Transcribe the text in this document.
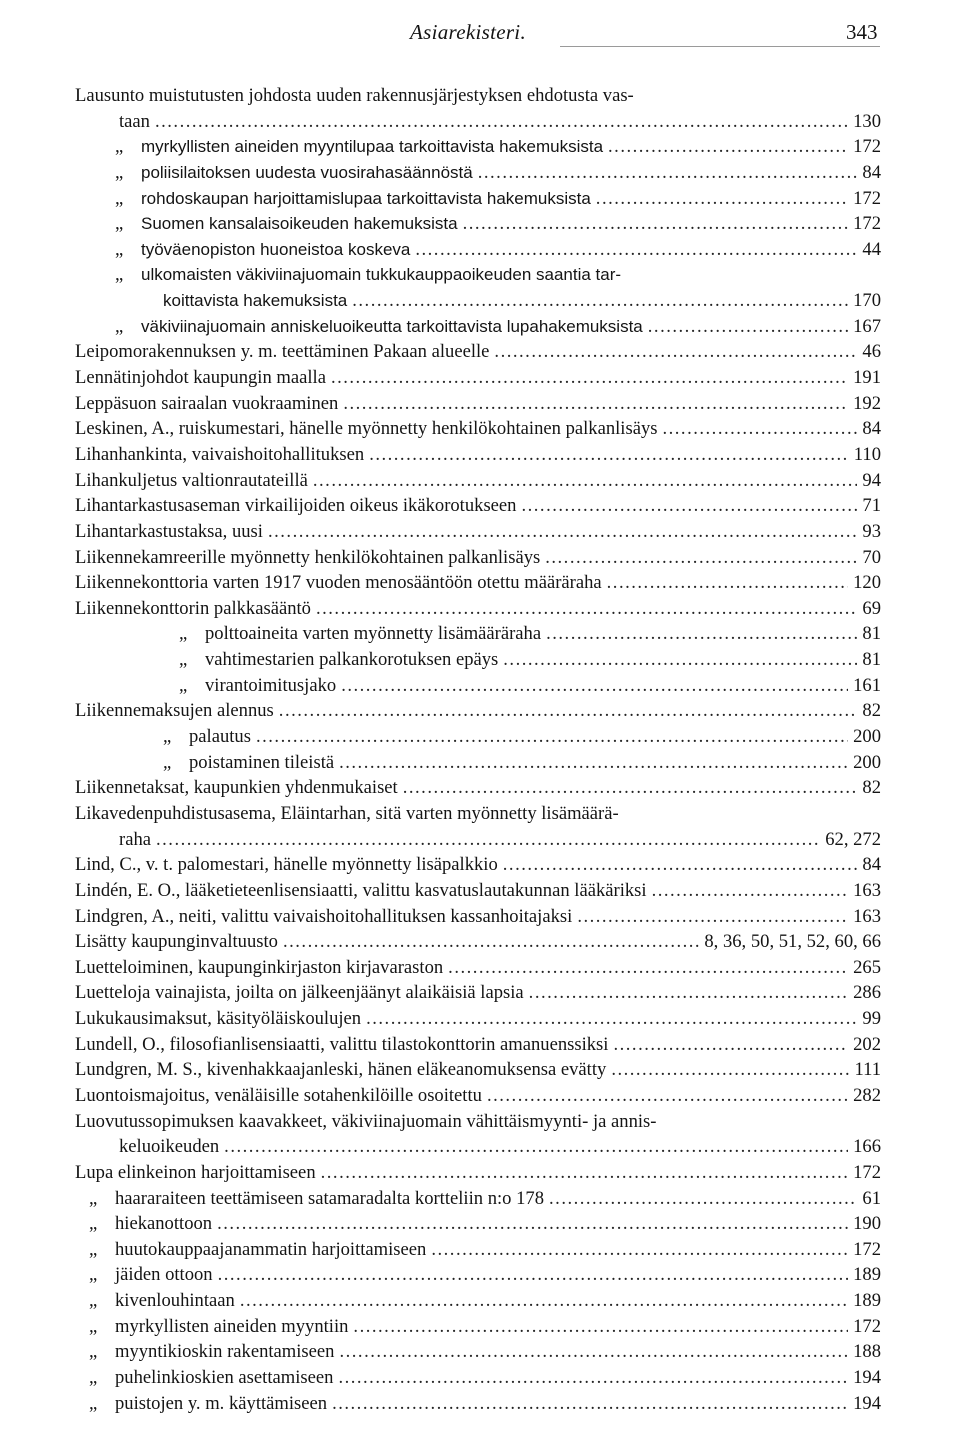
Asiarekisteri.	343
Lausunto muistutusten johdosta uuden rakennusjärjestyksen ehdotusta vas-
taan .....	130
„	myrkyllisten aineiden myyntilupaa tarkoittavista hakemuksista .....	172
„	poliisilaitoksen uudesta vuosirahasäännöstä .....	84
„	rohdoskaupan harjoittamislupaa tarkoittavista hakemuksista .....	172
„	Suomen kansalaisoikeuden hakemuksista .....	172
„	työväenopiston huoneistoa koskeva .....	44
„	ulkomaisten väkiviinajuomain tukkukauppaoikeuden saantia tar-
koittavista hakemuksista .....	170
„	väkiviinajuomain anniskeluoikeutta tarkoittavista lupahakemuksista .....	167
Leipomorakennuksen y. m. teettäminen Pakaan alueelle .....	46
Lennätinjohdot kaupungin maalla .....	191
Leppäsuon sairaalan vuokraaminen .....	192
Leskinen, A., ruiskumestari, hänelle myönnetty henkilökohtainen palkanlisäys .....	84
Lihanhankinta, vaivaishoitohallituksen .....	110
Lihankuljetus valtionrautateillä .....	94
Lihantarkastusaseman virkailijoiden oikeus ikäkorotukseen .....	71
Lihantarkastustaksa, uusi .....	93
Liikennekamreerille myönnetty henkilökohtainen palkanlisäys .....	70
Liikennekonttoria varten 1917 vuoden menosääntöön otettu määräraha .....	120
Liikennekonttorin palkkasääntö .....	69
„ polttoaineita varten myönnetty lisämääräraha .....	81
„ vahtimestarien palkankorotuksen epäys .....	81
„ virantoimitusjako .....	161
Liikennemaksujen alennus .....	82
„ palautus .....	200
„ poistaminen tileistä .....	200
Liikennetaksat, kaupunkien yhdenmukaiset .....	82
Likavedenpuhdistusasema, Eläintarhan, sitä varten myönnetty lisämäärä-
raha .....	62, 272
Lind, C., v. t. palomestari, hänelle myönnetty lisäpalkkio .....	84
Lindén, E. O., lääketieteenlisensiaatti, valittu kasvatuslautakunnan lääkäriksi .....	163
Lindgren, A., neiti, valittu vaivaishoitohallituksen kassanhoitajaksi .....	163
Lisätty kaupunginvaltuusto .....	8, 36, 50, 51, 52, 60, 66
Luetteloiminen, kaupunginkirjaston kirjavaraston .....	265
Luetteloja vainajista, joilta on jälkeenjäänyt alaikäisiä lapsia .....	286
Lukukausimaksut, käsityöläiskoulujen .....	99
Lundell, O., filosofianlisensiaatti, valittu tilastokonttorin amanuenssiksi .....	202
Lundgren, M. S., kivenhakkaajanleski, hänen eläkeanomuksensa evätty .....	111
Luontoismajoitus, venäläisille sotahenkilöille osoitettu .....	282
Luovutussopimuksen kaavakkeet, väkiviinajuomain vähittäismyynti- ja annis-
keluoikeuden .....	166
Lupa elinkeinon harjoittamiseen .....	172
„ haararaiteen teettämiseen satamaradalta kortteliin n:o 178 .....	61
„ hiekanottoon .....	190
„ huutokauppaajanammatin harjoittamiseen .....	172
„ jäiden ottoon .....	189
„ kivenlouhintaan .....	189
„ myrkyllisten aineiden myyntiin .....	172
„ myyntikioskin rakentamiseen .....	188
„ puhelinkioskien asettamiseen .....	194
„ puistojen y. m. käyttämiseen .....	194
